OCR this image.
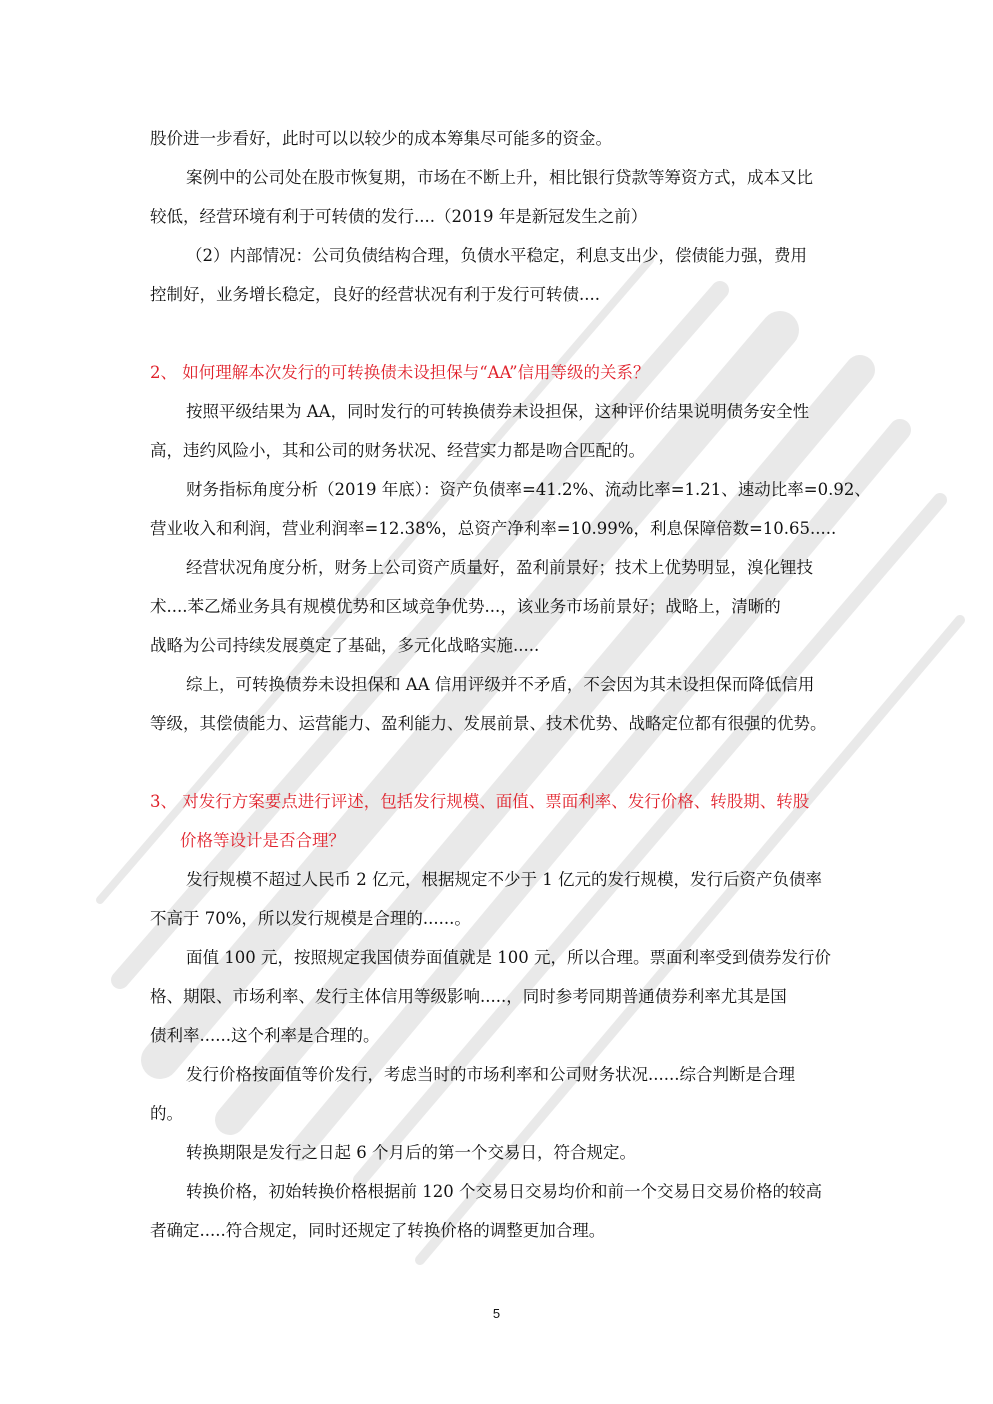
股价进一步看好，此时可以以较少的成本筹集尽可能多的资金。
案例中的公司处在股市恢复期，市场在不断上升，相比银行贷款等筹资方式，成本又比
较低，经营环境有利于可转债的发行....（2019 年是新冠发生之前）
（2）内部情况：公司负债结构合理，负债水平稳定，利息支出少，偿债能力强，费用
控制好，业务增长稳定，良好的经营状况有利于发行可转债....
2、 如何理解本次发行的可转换债未设担保与“AA”信用等级的关系？
按照平级结果为 AA，同时发行的可转换债券未设担保，这种评价结果说明债务安全性
高，违约风险小，其和公司的财务状况、经营实力都是吻合匹配的。
财务指标角度分析（2019 年底）：资产负债率=41.2%、流动比率=1.21、速动比率=0.92、
营业收入和利润，营业利润率=12.38%，总资产净利率=10.99%，利息保障倍数=10.65.....
经营状况角度分析，财务上公司资产质量好，盈利前景好；技术上优势明显，溴化锂技
术....苯乙烯业务具有规模优势和区域竞争优势...，该业务市场前景好；战略上，清晰的
战略为公司持续发展奠定了基础，多元化战略实施.....
综上，可转换债券未设担保和 AA 信用评级并不矛盾，不会因为其未设担保而降低信用
等级，其偿债能力、运营能力、盈利能力、发展前景、技术优势、战略定位都有很强的优势。
3、 对发行方案要点进行评述，包括发行规模、面值、票面利率、发行价格、转股期、转股
价格等设计是否合理？
发行规模不超过人民币 2 亿元，根据规定不少于 1 亿元的发行规模，发行后资产负债率
不高于 70%，所以发行规模是合理的......。
面值 100 元，按照规定我国债券面值就是 100 元，所以合理。票面利率受到债券发行价
格、期限、市场利率、发行主体信用等级影响.....，同时参考同期普通债券利率尤其是国
债利率......这个利率是合理的。
发行价格按面值等价发行，考虑当时的市场利率和公司财务状况......综合判断是合理
的。
转换期限是发行之日起 6 个月后的第一个交易日，符合规定。
转换价格，初始转换价格根据前 120 个交易日交易均价和前一个交易日交易价格的较高
者确定.....符合规定，同时还规定了转换价格的调整更加合理。
5
